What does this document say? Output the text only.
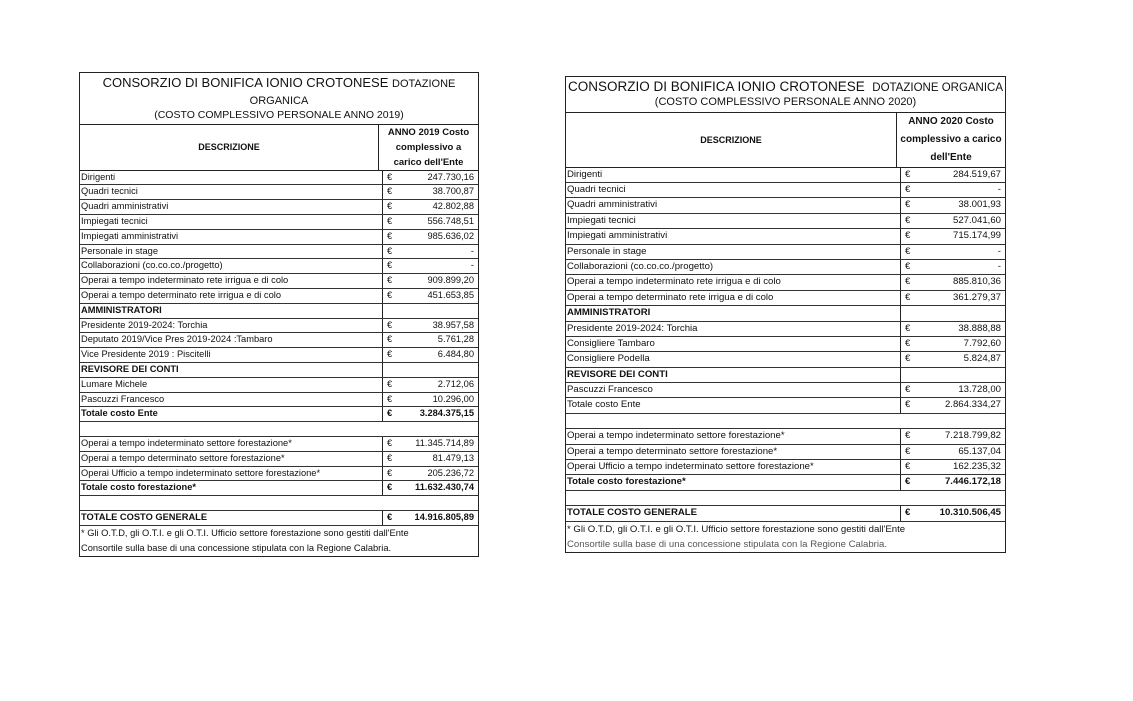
CONSORZIO DI BONIFICA IONIO CROTONESE DOTAZIONE ORGANICA
(COSTO COMPLESSIVO PERSONALE ANNO 2019)
DESCRIZIONE
ANNO 2019 Costo complessivo a carico dell'Ente
Dirigenti	€	247.730,16
Quadri tecnici	€	38.700,87
Quadri amministrativi	€	42.802,88
Impiegati tecnici	€	556.748,51
Impiegati amministrativi	€	985.636,02
Personale in stage	€	-
Collaborazioni (co.co.co./progetto)	€	-
Operai a tempo indeterminato rete irrigua e di colo	€	909.899,20
Operai a tempo determinato rete irrigua e di colo	€	451.653,85
AMMINISTRATORI
Presidente 2019-2024: Torchia	€	38.957,58
Deputato 2019/Vice Pres 2019-2024 :Tambaro	€	5.761,28
Vice Presidente 2019 : Piscitelli	€	6.484,80
REVISORE DEI CONTI
Lumare Michele	€	2.712,06
Pascuzzi Francesco	€	10.296,00
Totale costo Ente	€	3.284.375,15
Operai a tempo indeterminato settore forestazione*	€	11.345.714,89
Operai a tempo determinato settore forestazione*	€	81.479,13
Operai Ufficio a tempo indeterminato settore forestazione*	€	205.236,72
Totale costo forestazione*	€	11.632.430,74
TOTALE COSTO GENERALE	€	14.916.805,89
* Gli O.T.D, gli O.T.I. e gli O.T.I. Ufficio settore forestazione sono gestiti dall'Ente
Consortile sulla base di una concessione stipulata con la Regione Calabria.
CONSORZIO DI BONIFICA IONIO CROTONESE DOTAZIONE ORGANICA
(COSTO COMPLESSIVO PERSONALE ANNO 2020)
DESCRIZIONE
ANNO 2020 Costo complessivo a carico dell'Ente
Dirigenti	€	284.519,67
Quadri tecnici	€	-
Quadri amministrativi	€	38.001,93
Impiegati tecnici	€	527.041,60
Impiegati amministrativi	€	715.174,99
Personale in stage	€	-
Collaborazioni (co.co.co./progetto)	€	-
Operai a tempo indeterminato rete irrigua e di colo	€	885.810,36
Operai a tempo determinato rete irrigua e di colo	€	361.279,37
AMMINISTRATORI
Presidente 2019-2024: Torchia	€	38.888,88
Consigliere Tambaro	€	7.792,60
Consigliere Podella	€	5.824,87
REVISORE DEI CONTI
Pascuzzi Francesco	€	13.728,00
Totale costo Ente	€	2.864.334,27
Operai a tempo indeterminato settore forestazione*	€	7.218.799,82
Operai a tempo determinato settore forestazione*	€	65.137,04
Operai Ufficio a tempo indeterminato settore forestazione*	€	162.235,32
Totale costo forestazione*	€	7.446.172,18
TOTALE COSTO GENERALE	€	10.310.506,45
* Gli O.T.D, gli O.T.I. e gli O.T.I. Ufficio settore forestazione sono gestiti dall'Ente
Consortile sulla base di una concessione stipulata con la Regione Calabria.
